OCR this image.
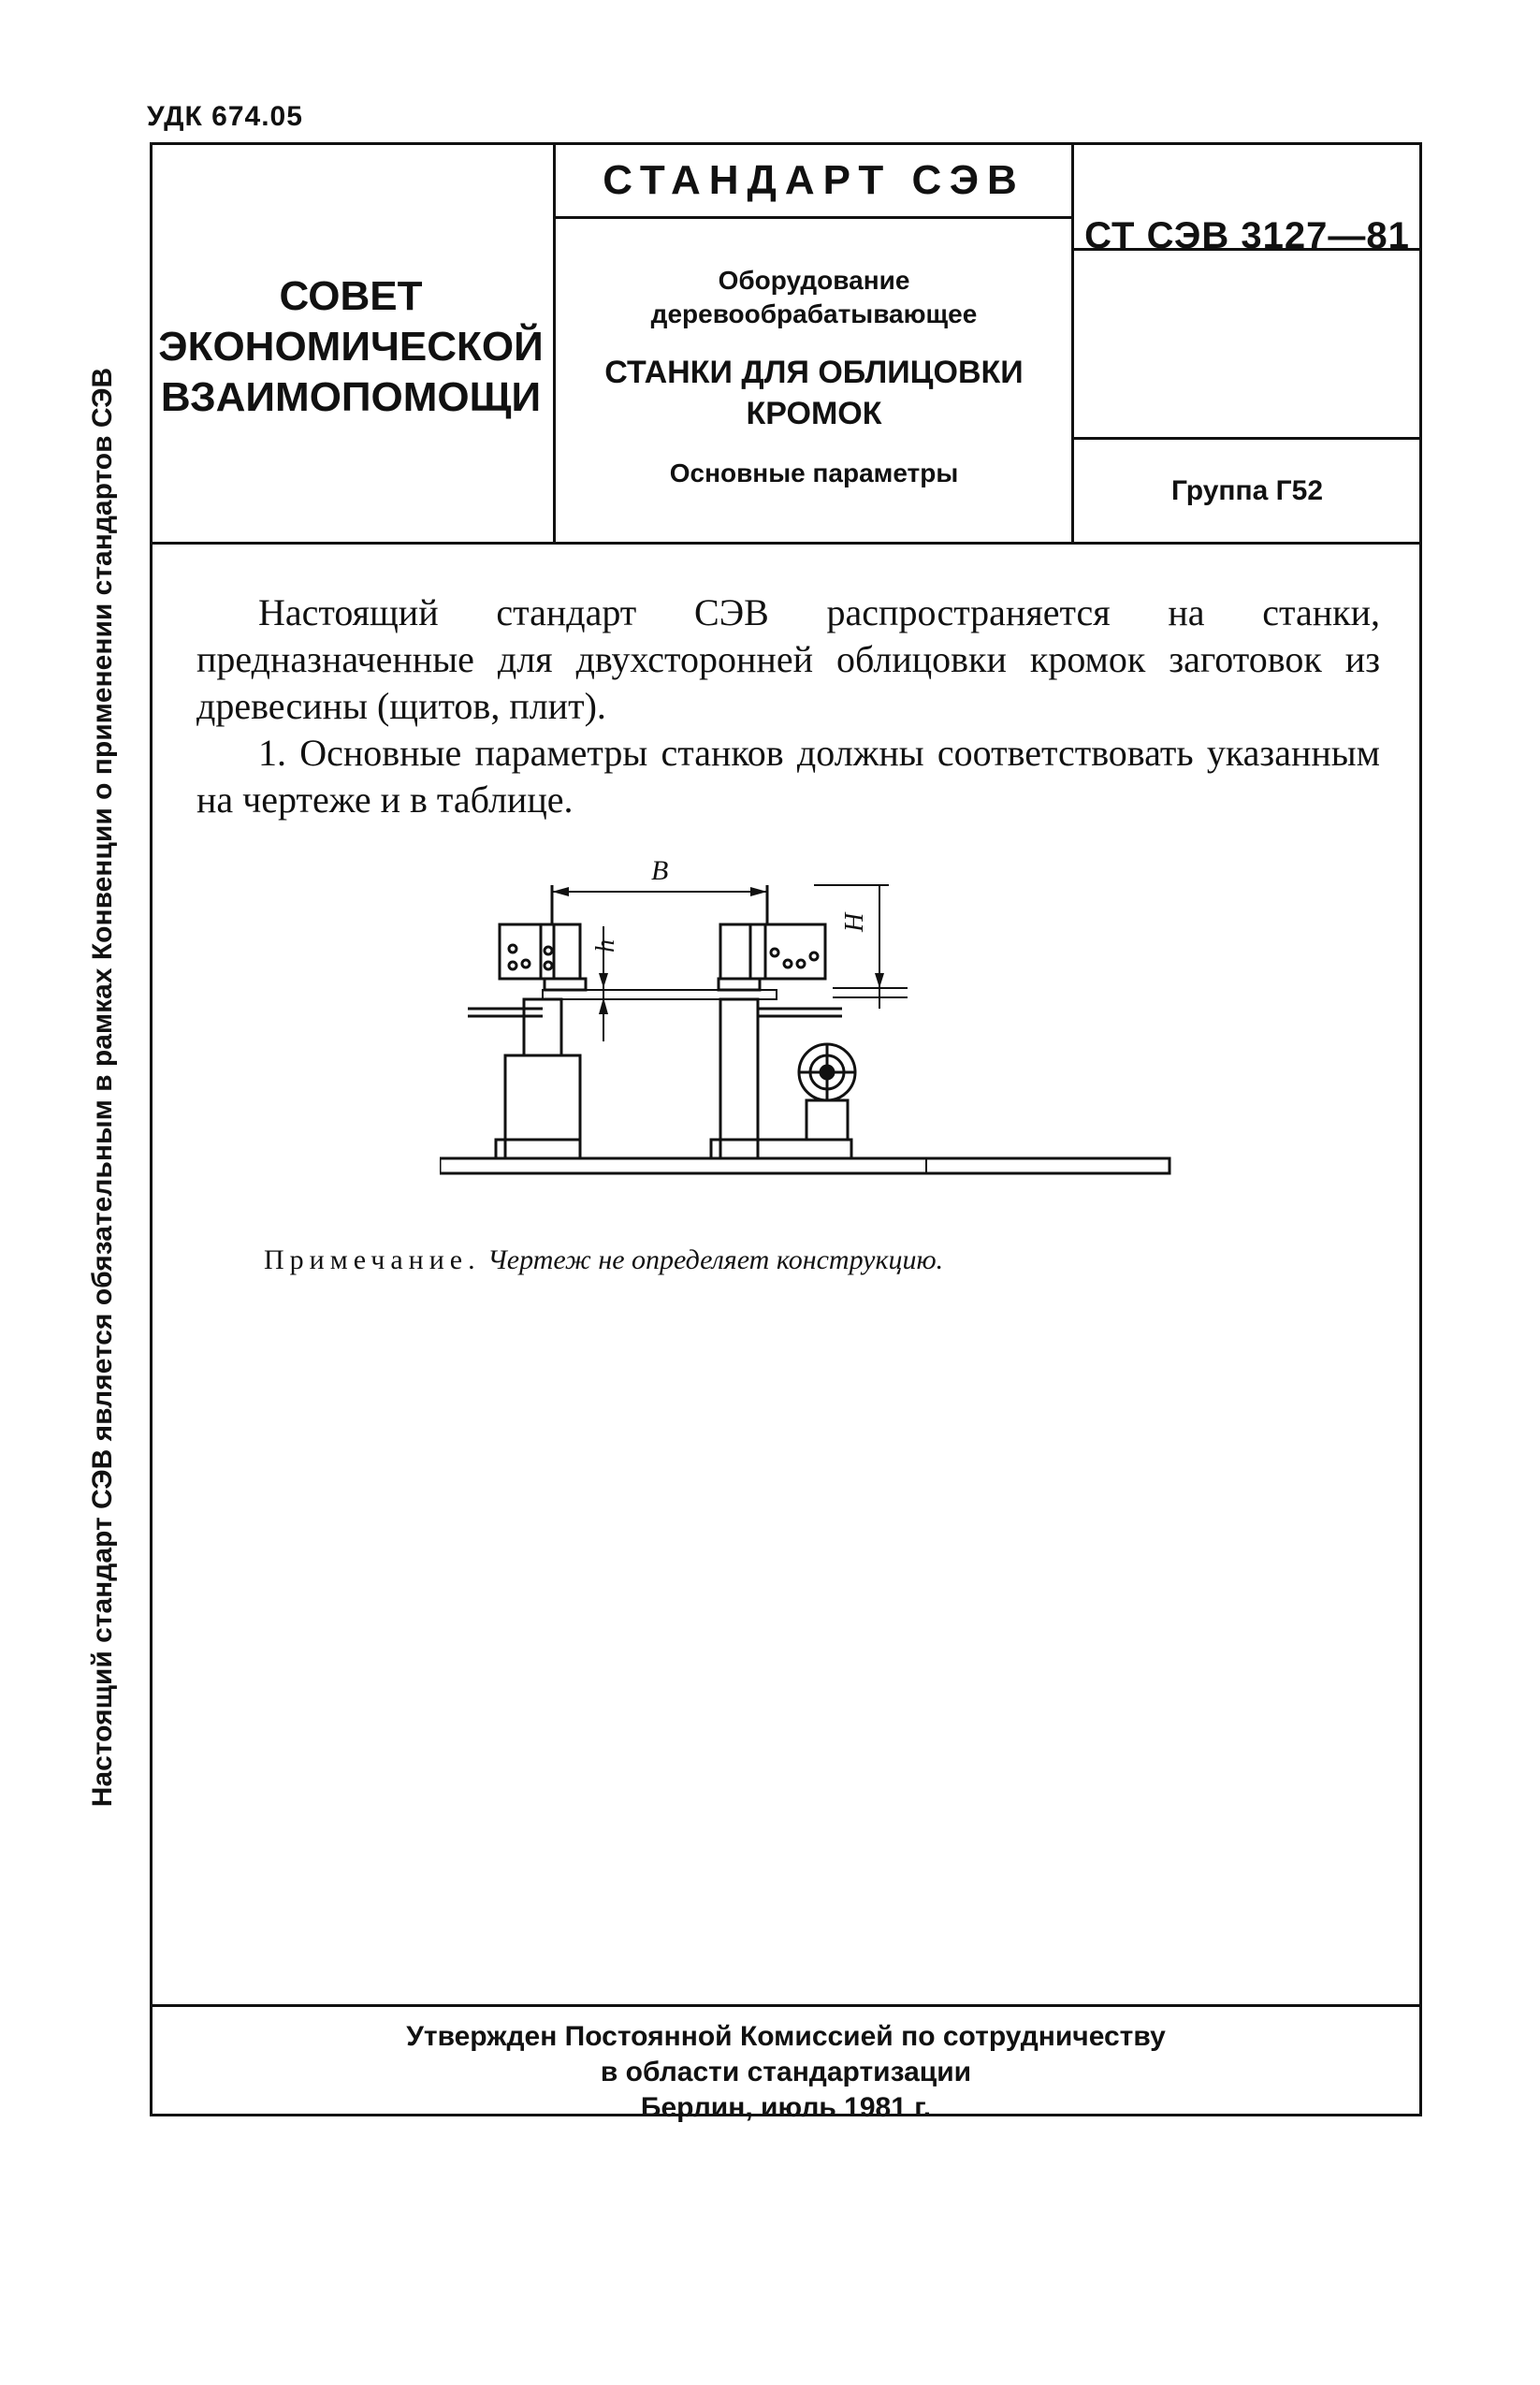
УДК 674.05
СОВЕТ
ЭКОНОМИЧЕСКОЙ
ВЗАИМОПОМОЩИ
СТАНДАРТ СЭВ
Оборудование
деревообрабатывающее
СТАНКИ ДЛЯ ОБЛИЦОВКИ
КРОМОК
Основные параметры
СТ СЭВ 3127—81
Группа Г52

Настоящий стандарт СЭВ распространяется на станки, предназначенные для двухсторонней облицовки кромок заготовок из древесины (щитов, плит).

1. Основные параметры станков должны соответствовать указанным на чертеже и в таблице.

B
h
H
Примечание. Чертеж не определяет конструкцию.
Утвержден Постоянной Комиссией по сотрудничеству
в области стандартизации
Берлин, июль 1981 г.
Настоящий стандарт СЭВ является обязательным в рамках Конвенции о применении стандартов СЭВ
